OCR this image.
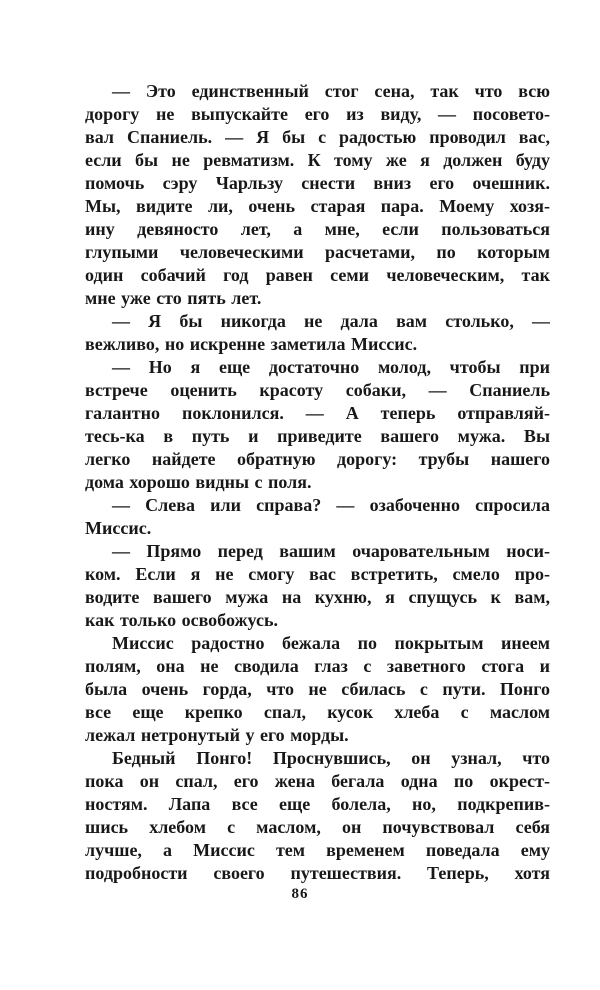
— Это единственный стог сена, так что всю
дорогу не выпускайте его из виду, — посовето-
вал Спаниель. — Я бы с радостью проводил вас,
если бы не ревматизм. К тому же я должен буду
помочь сэру Чарльзу снести вниз его очешник.
Мы, видите ли, очень старая пара. Моему хозя-
ину девяносто лет, а мне, если пользоваться
глупыми человеческими расчетами, по которым
один собачий год равен семи человеческим, так
мне уже сто пять лет.
— Я бы никогда не дала вам столько, —
вежливо, но искренне заметила Миссис.
— Но я еще достаточно молод, чтобы при
встрече оценить красоту собаки, — Спаниель
галантно поклонился. — А теперь отправляй-
тесь-ка в путь и приведите вашего мужа. Вы
легко найдете обратную дорогу: трубы нашего
дома хорошо видны с поля.
— Слева или справа? — озабоченно спросила
Миссис.
— Прямо перед вашим очаровательным носи-
ком. Если я не смогу вас встретить, смело про-
водите вашего мужа на кухню, я спущусь к вам,
как только освобожусь.
Миссис радостно бежала по покрытым инеем
полям, она не сводила глаз с заветного стога и
была очень горда, что не сбилась с пути. Понго
все еще крепко спал, кусок хлеба с маслом
лежал нетронутый у его морды.
Бедный Понго! Проснувшись, он узнал, что
пока он спал, его жена бегала одна по окрест-
ностям. Лапа все еще болела, но, подкрепив-
шись хлебом с маслом, он почувствовал себя
лучше, а Миссис тем временем поведала ему
подробности своего путешествия. Теперь, хотя
86
